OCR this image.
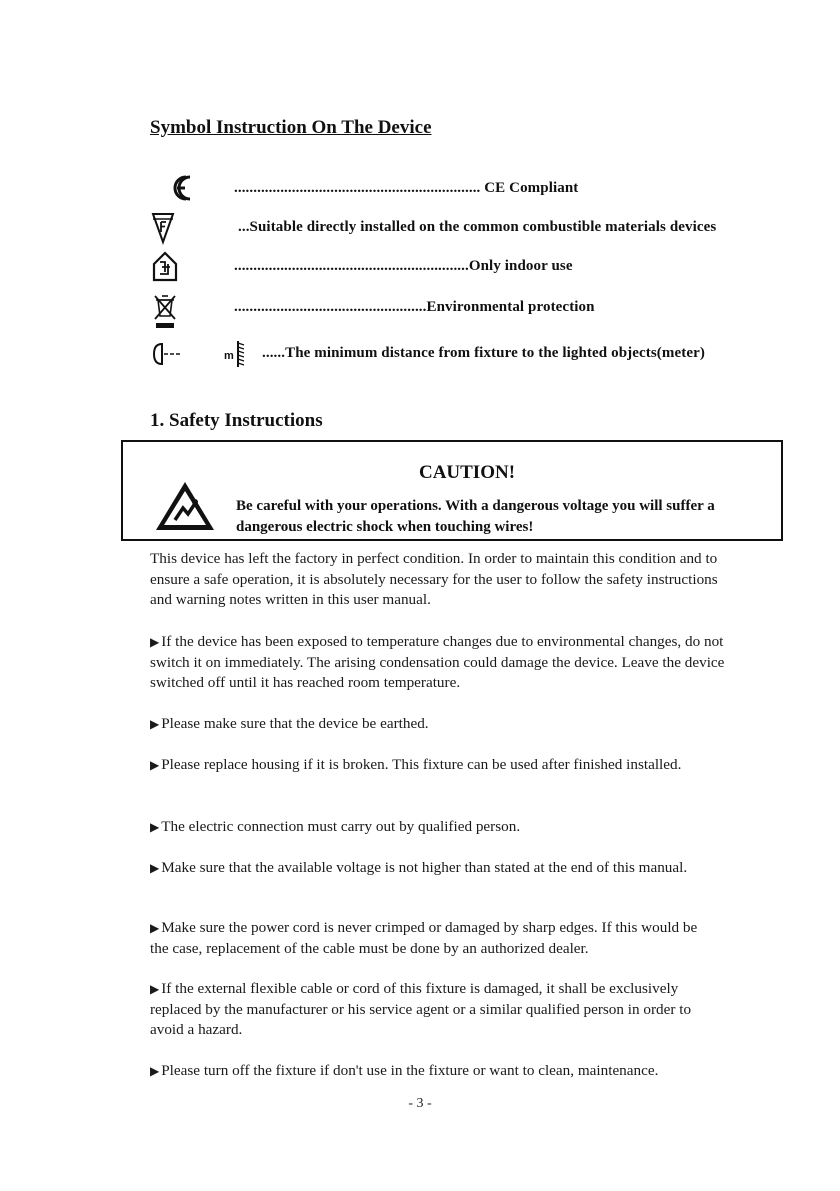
Symbol Instruction On The Device
................................................................ CE Compliant
...Suitable directly installed on the common combustible materials devices
.............................................................Only indoor use
..................................................Environmental protection
m ......The minimum distance from fixture to the lighted objects(meter)
1. Safety Instructions
CAUTION!
Be careful with your operations. With a dangerous voltage you will suffer a dangerous electric shock when touching wires!
This device has left the factory in perfect condition. In order to maintain this condition and to ensure a safe operation, it is absolutely necessary for the user to follow the safety instructions and warning notes written in this user manual.
▶ If the device has been exposed to temperature changes due to environmental changes, do not switch it on immediately. The arising condensation could damage the device. Leave the device switched off until it has reached room temperature.
▶ Please make sure that the device be earthed.
▶ Please replace housing if it is broken. This fixture can be used after finished installed.
▶ The electric connection must carry out by qualified person.
▶ Make sure that the available voltage is not higher than stated at the end of this manual.
▶ Make sure the power cord is never crimped or damaged by sharp edges. If this would be the case, replacement of the cable must be done by an authorized dealer.
▶ If the external flexible cable or cord of this fixture is damaged, it shall be exclusively replaced by the manufacturer or his service agent or a similar qualified person in order to avoid a hazard.
▶ Please turn off the fixture if don't use in the fixture or want to clean, maintenance.
- 3 -
